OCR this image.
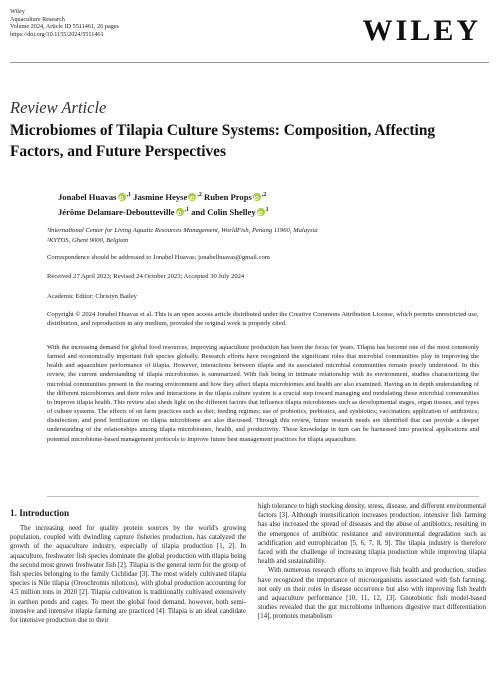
Wiley
Aquaculture Research
Volume 2024, Article ID 5511461, 26 pages
https://doi.org/10.1155/2024/5511461	WILEY
Review Article
Microbiomes of Tilapia Culture Systems: Composition, Affecting Factors, and Future Perspectives
Jonabel Huavas iD $^{,1}$ Jasmine Heyse iD $^{,2}$ Ruben Props iD $^{,2}$
Jérôme Delamare-Deboutteville iD $^{,1}$ and Colin Shelley iD $^1$
¹International Center for Living Aquatic Resources Management, WorldFish, Penang 11960, Malaysia
²KYTOS, Ghent 9000, Belgium
Correspondence should be addressed to Jonabel Huavas; jonabelhuavas@gmail.com
Received 27 April 2023; Revised 24 October 2023; Accepted 30 July 2024
Academic Editor: Christyn Bailey
Copyright © 2024 Jonabel Huavas et al. This is an open access article distributed under the Creative Commons Attribution License, which permits unrestricted use, distribution, and reproduction in any medium, provided the original work is properly cited.
With the increasing demand for global food resources, improving aquaculture production has been the focus for years. Tilapia has become one of the most commonly farmed and economically important fish species globally. Research efforts have recognized the significant roles that microbial communities play in improving the health and aquaculture performance of tilapia. However, interactions between tilapia and its associated microbial communities remain poorly understood. In this review, the current understanding of tilapia microbiomes is summarized. With fish being in intimate relationship with its environment, studies characterizing the microbial communities present in the rearing environment and how they affect tilapia microbiomes and health are also examined. Having an in depth understanding of the different microbiomes and their roles and interactions in the tilapia culture system is a crucial step toward managing and modulating these microbial communities to improve tilapia health. This review also sheds light on the different factors that influence tilapia microbiomes such as developmental stages, organ tissues, and types of culture systems. The effects of on farm practices such as diet; feeding regimes; use of probiotics, prebiotics, and synbiotics; vaccination; application of antibiotics; disinfection; and pond fertilization on tilapia microbiome are also discussed. Through this review, future research needs are identified that can provide a deeper understanding of the relationships among tilapia microbiomes, health, and productivity. These knowledge in turn can be harnessed into practical applications and potential microbiome-based management protocols to improve future best management practices for tilapia aquaculture.
1. Introduction

The increasing need for quality protein sources by the world's growing population, coupled with dwindling capture fisheries production, has catalyzed the growth of the aquaculture industry, especially of tilapia production [1, 2]. In aquaculture, freshwater fish species dominate the global production with tilapia being the second most grown freshwater fish [2]. Tilapia is the general term for the group of fish species belonging to the family Cichlidae [3]. The most widely cultivated tilapia species is Nile tilapia (Oreochromis niloticus), with global production accounting for 4.5 million tons in 2020 [2]. Tilapia cultivation is traditionally cultivated extensively in earthen ponds and cages. To meet the global food demand, however, both semi-intensive and intensive tilapia farming are practiced [4]. Tilapia is an ideal candidate for intensive production due to their

high tolerance to high stocking density, stress, disease, and different environmental factors [3]. Although intensification increases production, intensive fish farming has also increased the spread of diseases and the abuse of antibiotics, resulting in the emergence of antibiotic resistance and environmental degradation such as acidification and eutrophication [5, 6, 7, 8, 9]. The tilapia industry is therefore faced with the challenge of increasing tilapia production while improving tilapia health and sustainability.

With numerous research efforts to improve fish health and production, studies have recognized the importance of microorganisms associated with fish farming, not only on their roles in disease occurrence but also with improving fish health and aquaculture performance [10, 11, 12, 13]. Gnotobiotic fish model-based studies revealed that the gut microbiome influences digestive tract differentiation [14], promotes metabolism
